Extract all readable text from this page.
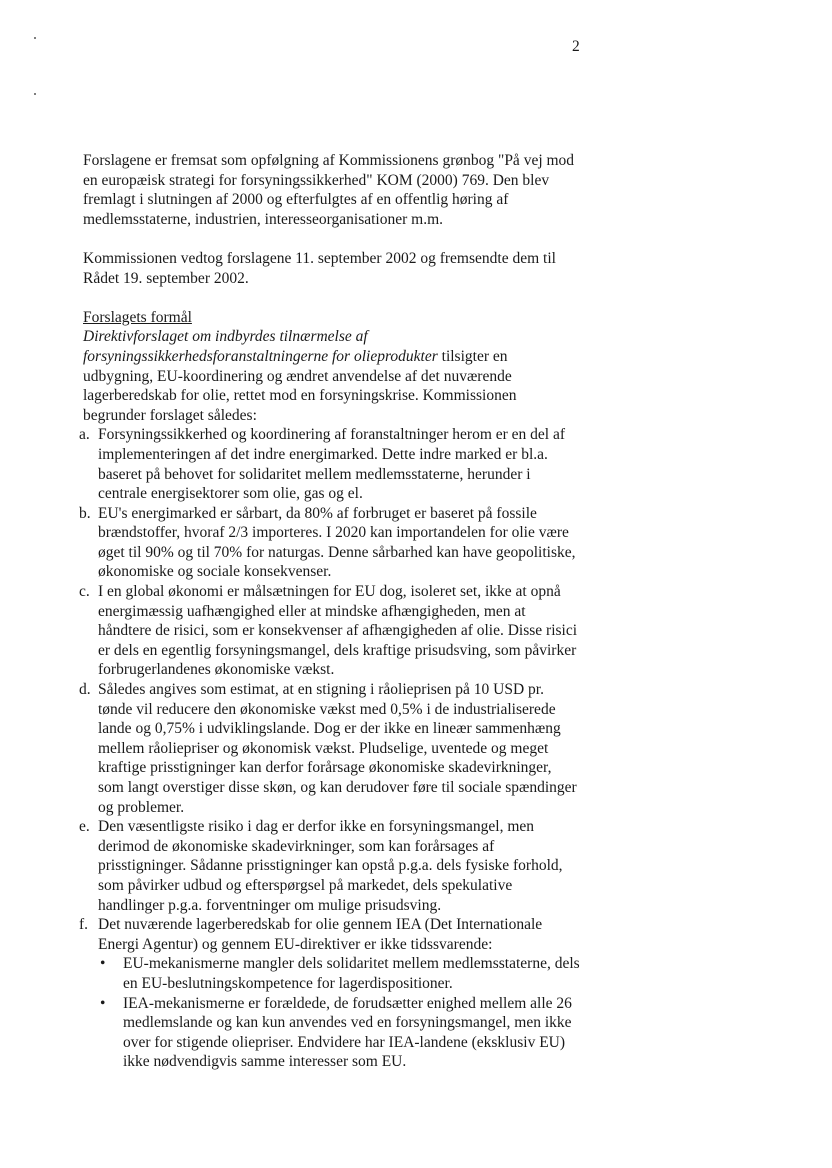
2

Forslagene er fremsat som opfølgning af Kommissionens grønbog "På vej mod en europæisk strategi for forsyningssikkerhed" KOM (2000) 769. Den blev fremlagt i slutningen af 2000 og efterfulgtes af en offentlig høring af medlemsstaterne, industrien, interesseorganisationer m.m.

Kommissionen vedtog forslagene 11. september 2002 og fremsendte dem til Rådet 19. september 2002.

Forslagets formål

Direktivforslaget om indbyrdes tilnærmelse af forsyningssikkerhedsforanstaltningerne for olieprodukter tilsigter en udbygning, EU-koordinering og ændret anvendelse af det nuværende lagerberedskab for olie, rettet mod en forsyningskrise. Kommissionen begrunder forslaget således:

a. Forsyningssikkerhed og koordinering af foranstaltninger herom er en del af implementeringen af det indre energimarked. Dette indre marked er bl.a. baseret på behovet for solidaritet mellem medlemsstaterne, herunder i centrale energisektorer som olie, gas og el.
b. EU's energimarked er sårbart, da 80% af forbruget er baseret på fossile brændstoffer, hvoraf 2/3 importeres. I 2020 kan importandelen for olie være øget til 90% og til 70% for naturgas. Denne sårbarhed kan have geopolitiske, økonomiske og sociale konsekvenser.
c. I en global økonomi er målsætningen for EU dog, isoleret set, ikke at opnå energimæssig uafhængighed eller at mindske afhængigheden, men at håndtere de risici, som er konsekvenser af afhængigheden af olie. Disse risici er dels en egentlig forsyningsmangel, dels kraftige prisudsving, som påvirker forbrugerlandenes økonomiske vækst.
d. Således angives som estimat, at en stigning i råolieprisen på 10 USD pr. tønde vil reducere den økonomiske vækst med 0,5% i de industrialiserede lande og 0,75% i udviklingslande. Dog er der ikke en lineær sammenhæng mellem råoliepriser og økonomisk vækst. Pludselige, uventede og meget kraftige prisstigninger kan derfor forårsage økonomiske skadevirkninger, som langt overstiger disse skøn, og kan derudover føre til sociale spændinger og problemer.
e. Den væsentligste risiko i dag er derfor ikke en forsyningsmangel, men derimod de økonomiske skadevirkninger, som kan forårsages af prisstigninger. Sådanne prisstigninger kan opstå p.g.a. dels fysiske forhold, som påvirker udbud og efterspørgsel på markedet, dels spekulative handlinger p.g.a. forventninger om mulige prisudsving.
f. Det nuværende lagerberedskab for olie gennem IEA (Det Internationale Energi Agentur) og gennem EU-direktiver er ikke tidssvarende:
•	EU-mekanismerne mangler dels solidaritet mellem medlemsstaterne, dels en EU-beslutningskompetence for lagerdispositioner.
•	IEA-mekanismerne er forældede, de forudsætter enighed mellem alle 26 medlemslande og kan kun anvendes ved en forsyningsmangel, men ikke over for stigende oliepriser. Endvidere har IEA-landene (eksklusiv EU) ikke nødvendigvis samme interesser som EU.
